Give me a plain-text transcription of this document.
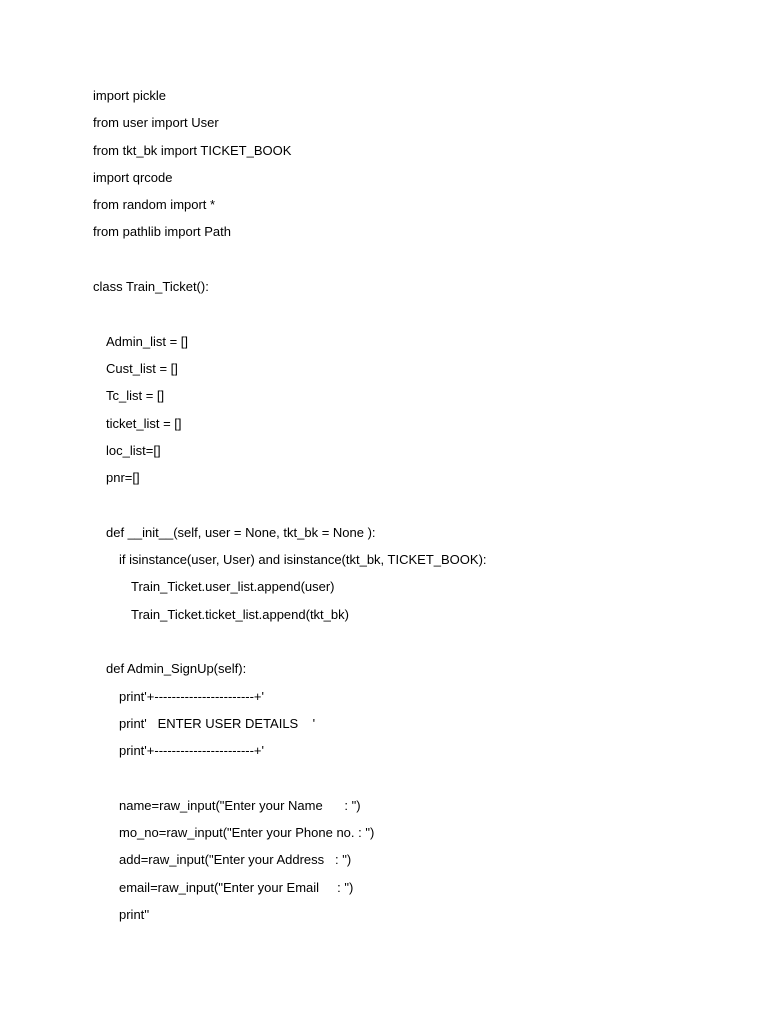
import pickle
from user import User
from tkt_bk import TICKET_BOOK
import qrcode
from random import *
from pathlib import Path
class Train_Ticket():
Admin_list = []
Cust_list = []
Tc_list = []
ticket_list = []
loc_list=[]
pnr=[]
def __init__(self, user = None, tkt_bk = None ):
if isinstance(user, User) and isinstance(tkt_bk, TICKET_BOOK):
Train_Ticket.user_list.append(user)
Train_Ticket.ticket_list.append(tkt_bk)
def Admin_SignUp(self):
print'+-----------------------+'
print'   ENTER USER DETAILS    '
print'+-----------------------+'
name=raw_input("Enter your Name      : ")
mo_no=raw_input("Enter your Phone no. : ")
add=raw_input("Enter your Address   : ")
email=raw_input("Enter your Email     : ")
print''
